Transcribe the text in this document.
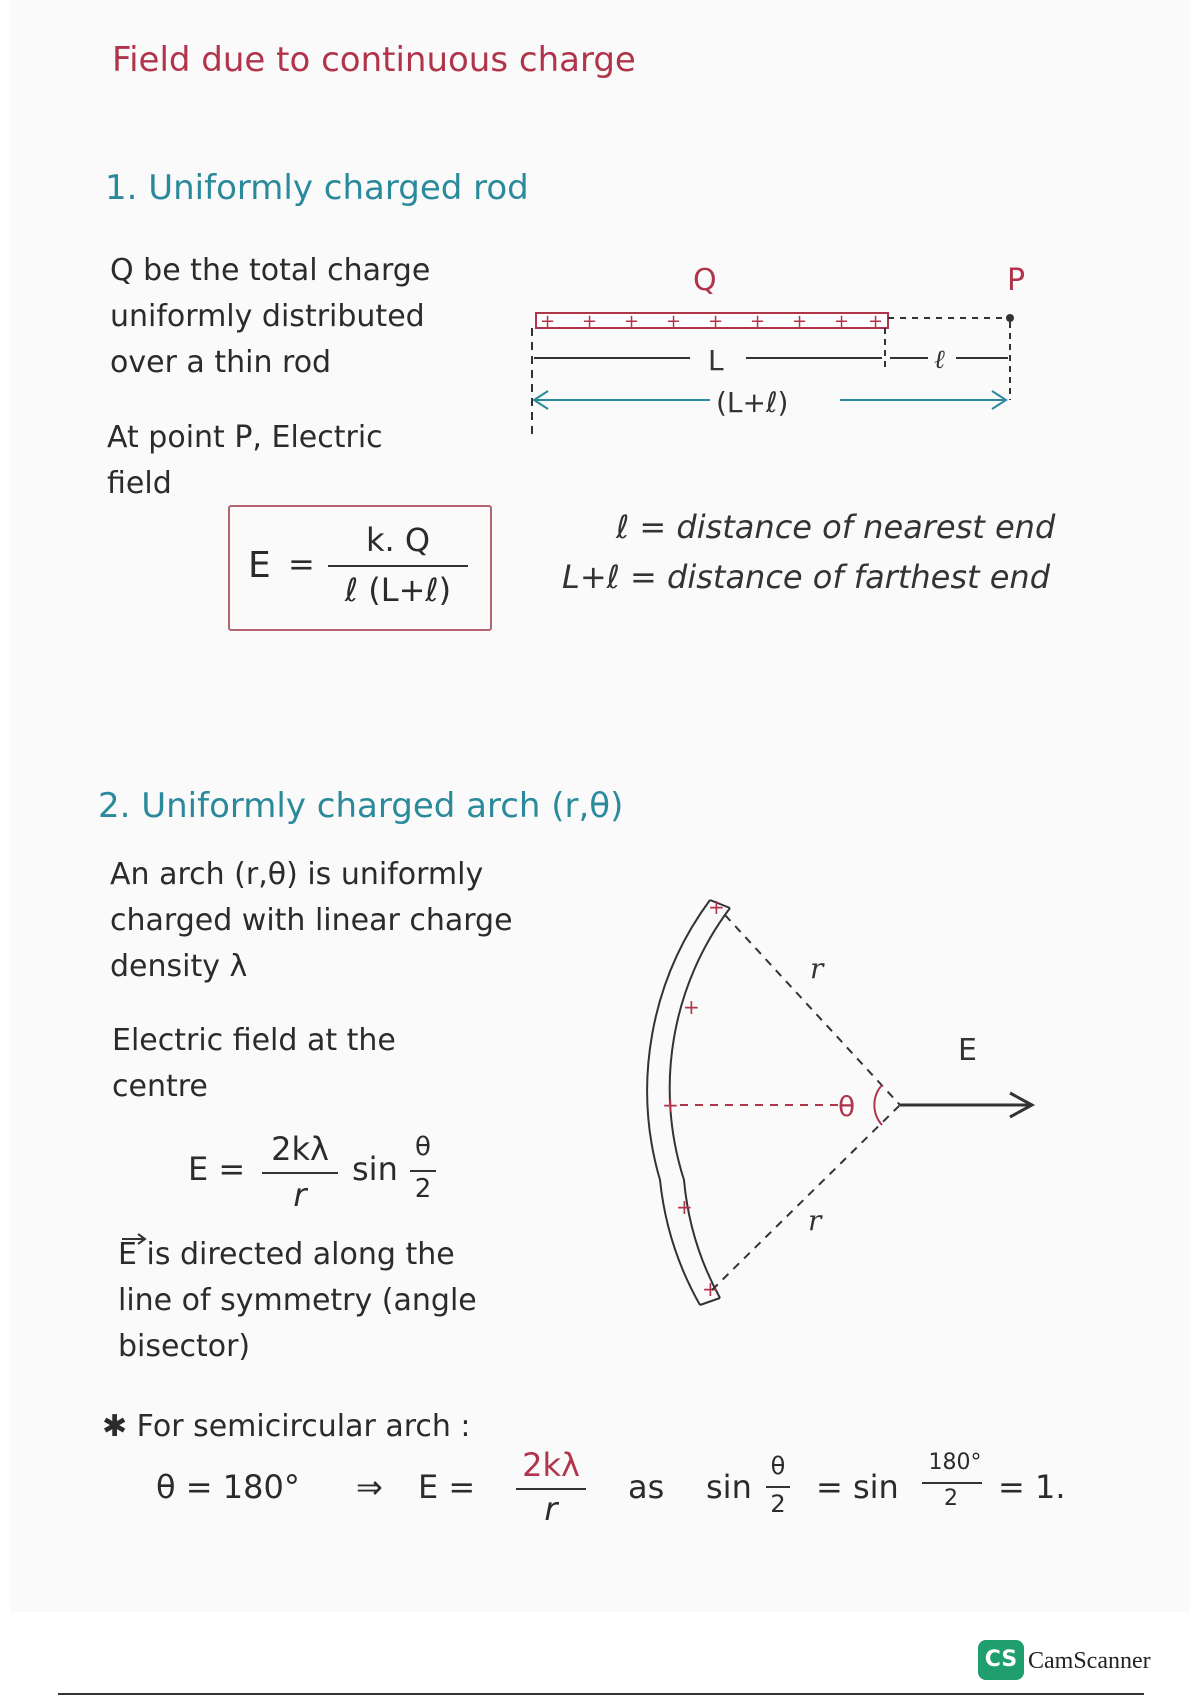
Field due to continuous charge
1. Uniformly charged rod
Q be the total charge
uniformly distributed
over a thin rod
At point P, Electric
field
E =
k. Q
ℓ (L+ℓ)
Q	P
+ + + + + + + + +
L	ℓ
(L+ℓ)
ℓ = distance of nearest end
L+ℓ = distance of farthest end
2. Uniformly charged arch (r,θ)
An arch (r,θ) is uniformly
charged with linear charge
density λ
Electric field at the
centre
E =
2kλ
r
sin
θ
2
E is directed along the
line of symmetry (angle
bisector)
+
+
+
+
+
r
r
θ
E
✱ For semicircular arch :
θ = 180° ⇒ E =
2kλ
r
as sin
θ
2 = sin
180°
2	= 1.
CS CamScanner
